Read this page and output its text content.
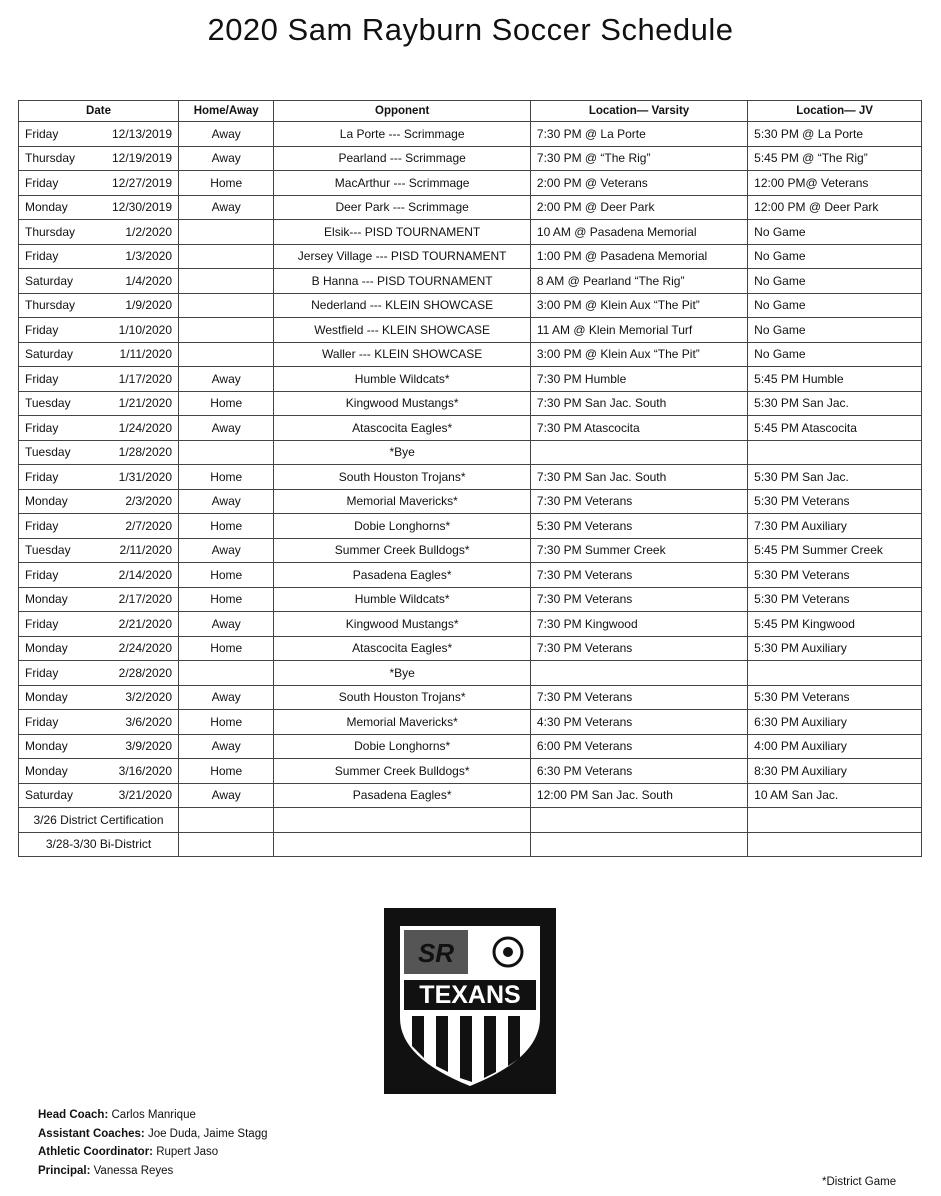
2020 Sam Rayburn Soccer Schedule
Date	Home/Away	Opponent	Location— Varsity	Location— JV

Friday 12/13/2019	Away	La Porte --- Scrimmage	7:30 PM @ La Porte	5:30 PM @ La Porte

Thursday 12/19/2019	Away	Pearland --- Scrimmage	7:30 PM @ “The Rig”	5:45 PM @ “The Rig”

Friday 12/27/2019	Home	MacArthur --- Scrimmage	2:00 PM @ Veterans	12:00 PM@ Veterans

Monday 12/30/2019	Away	Deer Park --- Scrimmage	2:00 PM @ Deer Park	12:00 PM @ Deer Park

Thursday 1/2/2020		Elsik--- PISD TOURNAMENT	10 AM @ Pasadena Memorial	No Game

Friday 1/3/2020		Jersey Village --- PISD TOURNAMENT	1:00 PM @ Pasadena Memorial	No Game

Saturday 1/4/2020		B Hanna --- PISD TOURNAMENT	8 AM @ Pearland “The Rig”	No Game

Thursday 1/9/2020		Nederland --- KLEIN SHOWCASE	3:00 PM @ Klein Aux “The Pit”	No Game

Friday 1/10/2020		Westfield --- KLEIN SHOWCASE	11 AM @ Klein Memorial Turf	No Game

Saturday 1/11/2020		Waller --- KLEIN SHOWCASE	3:00 PM @ Klein Aux “The Pit”	No Game

Friday 1/17/2020	Away	Humble Wildcats*	7:30 PM Humble	5:45 PM Humble

Tuesday 1/21/2020	Home	Kingwood Mustangs*	7:30 PM San Jac. South	5:30 PM San Jac.

Friday 1/24/2020	Away	Atascocita Eagles*	7:30 PM Atascocita	5:45 PM Atascocita

Tuesday 1/28/2020		*Bye		

Friday 1/31/2020	Home	South Houston Trojans*	7:30 PM San Jac. South	5:30 PM San Jac.

Monday 2/3/2020	Away	Memorial Mavericks*	7:30 PM Veterans	5:30 PM Veterans

Friday 2/7/2020	Home	Dobie Longhorns*	5:30 PM Veterans	7:30 PM Auxiliary

Tuesday 2/11/2020	Away	Summer Creek Bulldogs*	7:30 PM Summer Creek	5:45 PM Summer Creek

Friday 2/14/2020	Home	Pasadena Eagles*	7:30 PM Veterans	5:30 PM Veterans

Monday 2/17/2020	Home	Humble Wildcats*	7:30 PM Veterans	5:30 PM Veterans

Friday 2/21/2020	Away	Kingwood Mustangs*	7:30 PM Kingwood	5:45 PM Kingwood

Monday 2/24/2020	Home	Atascocita Eagles*	7:30 PM Veterans	5:30 PM Auxiliary

Friday 2/28/2020		*Bye		

Monday 3/2/2020	Away	South Houston Trojans*	7:30 PM Veterans	5:30 PM Veterans

Friday 3/6/2020	Home	Memorial Mavericks*	4:30 PM Veterans	6:30 PM Auxiliary

Monday 3/9/2020	Away	Dobie Longhorns*	6:00 PM Veterans	4:00 PM Auxiliary

Monday 3/16/2020	Home	Summer Creek Bulldogs*	6:30 PM Veterans	8:30 PM Auxiliary

Saturday 3/21/2020	Away	Pasadena Eagles*	12:00 PM San Jac. South	10 AM San Jac.
3/26 District Certification				
3/28-3/30 Bi-District				
SR
TEXANS
Head Coach: Carlos Manrique
Assistant Coaches: Joe Duda, Jaime Stagg
Athletic Coordinator: Rupert Jaso
Principal: Vanessa Reyes
*District Game
